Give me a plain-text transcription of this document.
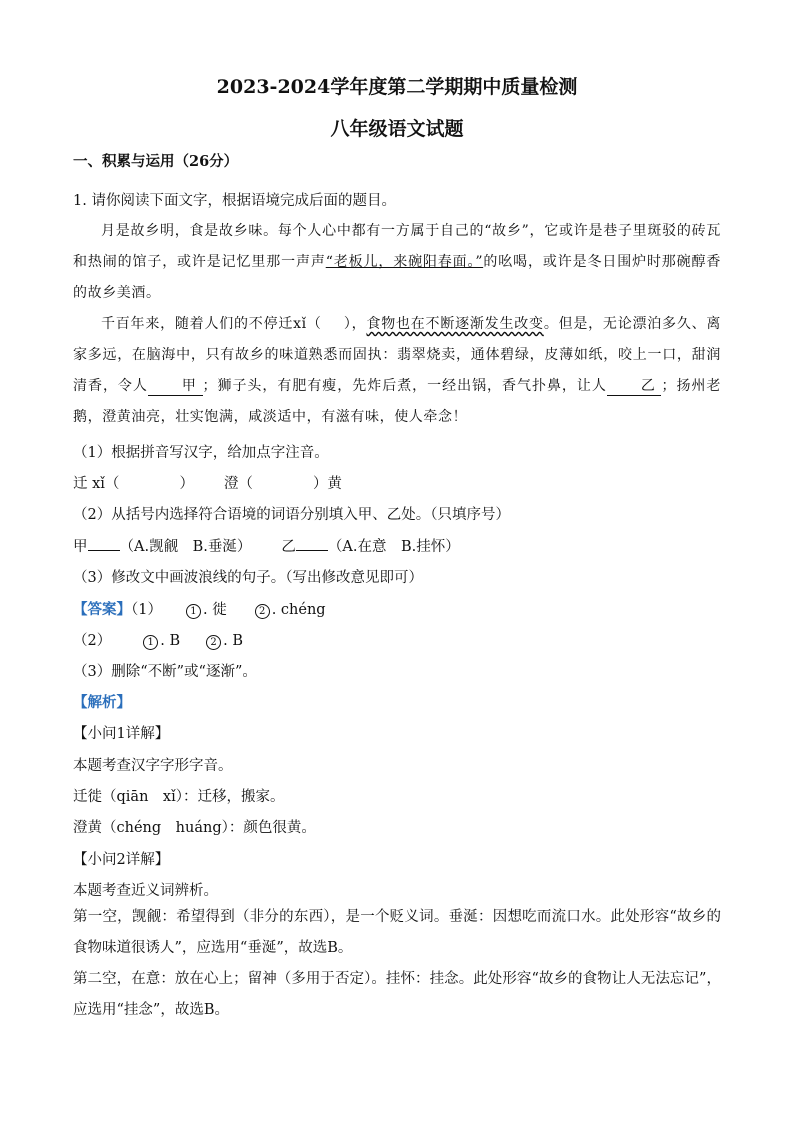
2023-2024学年度第二学期期中质量检测
八年级语文试题
一、积累与运用（26分）
1. 请你阅读下面文字，根据语境完成后面的题目。

月是故乡明，食是故乡味。每个人心中都有一方属于自己的“故乡”，它或许是巷子里斑驳的砖瓦和热闹的馆子，或许是记忆里那一声声“老板儿，来碗阳春面。”的吆喝，或许是冬日围炉时那碗醇香的故乡美酒。

千百年来，随着人们的不停迁xǐ（ ），食物也在不断逐渐发生改变。但是，无论漂泊多久、离家多远，在脑海中，只有故乡的味道熟悉而固执：翡翠烧卖，通体碧绿，皮薄如纸，咬上一口，甜润清香，令人 甲 ；狮子头，有肥有瘦，先炸后煮，一经出锅，香气扑鼻，让人 乙 ；扬州老鹅，澄黄油亮，壮实饱满，咸淡适中，有滋有味，使人牵念！

（1）根据拼音写汉字，给加点字注音。
迁 xǐ（	） 澄（	）黄
（2）从括号内选择符合语境的词语分别填入甲、乙处。（只填序号）
甲 （A.觊觎　B.垂涎） 乙 （A.在意　B.挂怀）
（3）修改文中画波浪线的句子。（写出修改意见即可）
【答案】（1）	1 . 徙	2 . chéng
（2）	1 . B	2 . B
（3）删除“不断”或“逐渐”。
【解析】
【小问1详解】
本题考查汉字字形字音。
迁徙（qiān　xǐ）：迁移，搬家。
澄黄（chéng　huáng）：颜色很黄。
【小问2详解】
本题考查近义词辨析。

第一空，觊觎：希望得到（非分的东西），是一个贬义词。垂涎：因想吃而流口水。此处形容“故乡的食物味道很诱人”，应选用“垂涎”，故选B。

第二空，在意：放在心上；留神（多用于否定）。挂怀：挂念。此处形容“故乡的食物让人无法忘记”，应选用“挂念”，故选B。
